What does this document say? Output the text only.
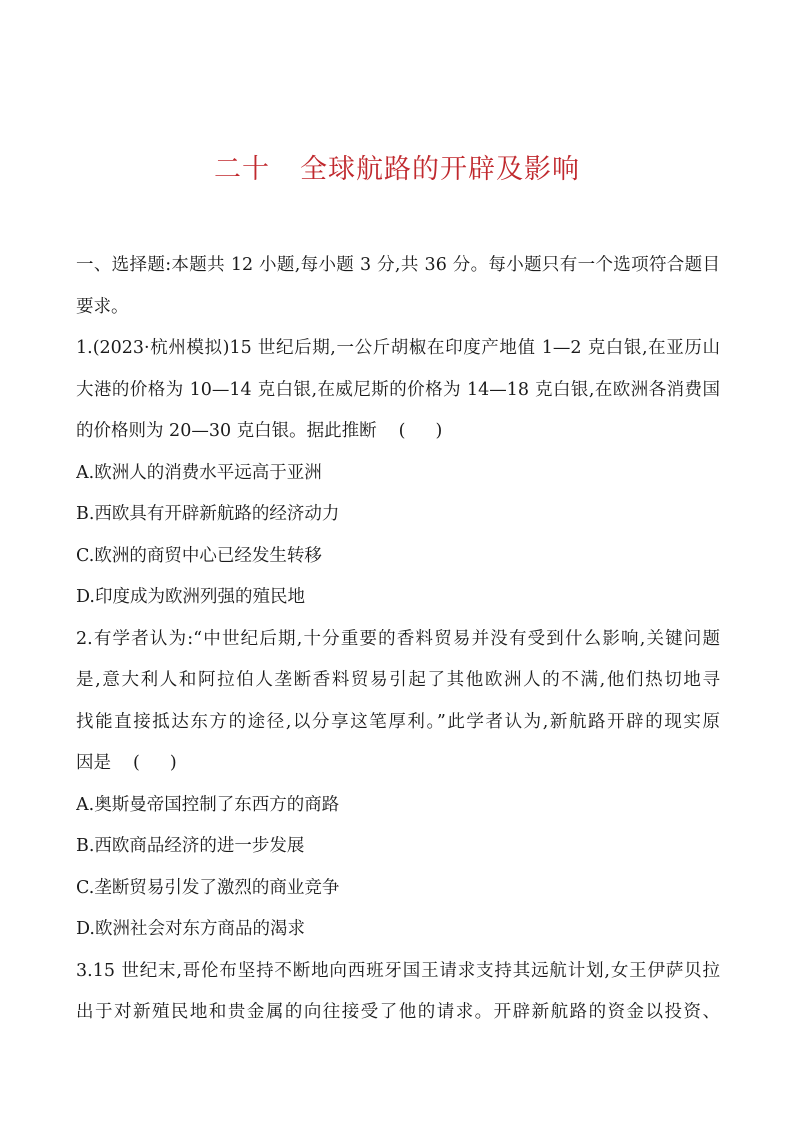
二十 全球航路的开辟及影响
一、选择题:本题共 12 小题,每小题 3 分,共 36 分。每小题只有一个选项符合题目
要求。
1.(2023·杭州模拟)15 世纪后期,一公斤胡椒在印度产地值 1—2 克白银,在亚历山
大港的价格为 10—14 克白银,在威尼斯的价格为 14—18 克白银,在欧洲各消费国
的价格则为 20—30 克白银。据此推断 ( )
A.欧洲人的消费水平远高于亚洲
B.西欧具有开辟新航路的经济动力
C.欧洲的商贸中心已经发生转移
D.印度成为欧洲列强的殖民地
2.有学者认为:“中世纪后期,十分重要的香料贸易并没有受到什么影响,关键问题
是,意大利人和阿拉伯人垄断香料贸易引起了其他欧洲人的不满,他们热切地寻
找能直接抵达东方的途径,以分享这笔厚利。”此学者认为,新航路开辟的现实原
因是 ( )
A.奥斯曼帝国控制了东西方的商路
B.西欧商品经济的进一步发展
C.垄断贸易引发了激烈的商业竞争
D.欧洲社会对东方商品的渴求
3.15 世纪末,哥伦布坚持不断地向西班牙国王请求支持其远航计划,女王伊萨贝拉
出于对新殖民地和贵金属的向往接受了他的请求。开辟新航路的资金以投资、
